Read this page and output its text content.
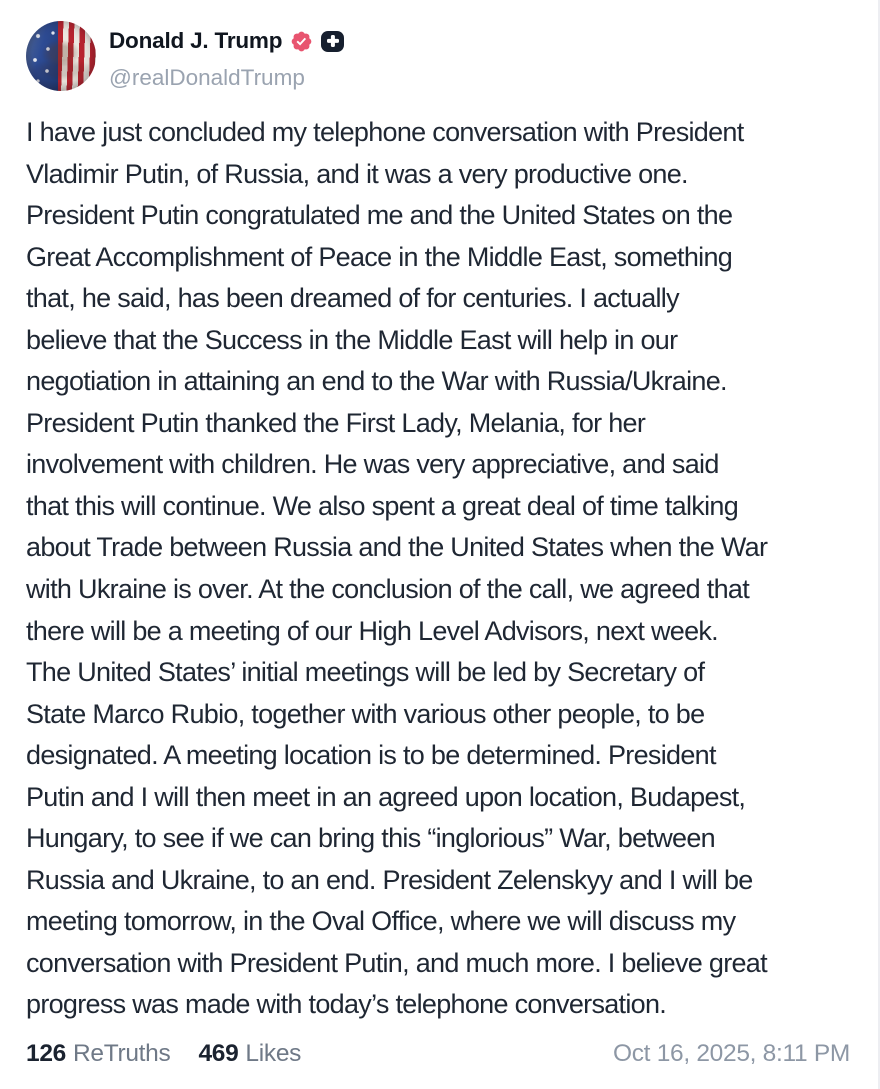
Donald J. Trump
@realDonaldTrump
I have just concluded my telephone conversation with President
Vladimir Putin, of Russia, and it was a very productive one.
President Putin congratulated me and the United States on the
Great Accomplishment of Peace in the Middle East, something
that, he said, has been dreamed of for centuries. I actually
believe that the Success in the Middle East will help in our
negotiation in attaining an end to the War with Russia/Ukraine.
President Putin thanked the First Lady, Melania, for her
involvement with children. He was very appreciative, and said
that this will continue. We also spent a great deal of time talking
about Trade between Russia and the United States when the War
with Ukraine is over. At the conclusion of the call, we agreed that
there will be a meeting of our High Level Advisors, next week.
The United States’ initial meetings will be led by Secretary of
State Marco Rubio, together with various other people, to be
designated. A meeting location is to be determined. President
Putin and I will then meet in an agreed upon location, Budapest,
Hungary, to see if we can bring this “inglorious” War, between
Russia and Ukraine, to an end. President Zelenskyy and I will be
meeting tomorrow, in the Oval Office, where we will discuss my
conversation with President Putin, and much more. I believe great
progress was made with today’s telephone conversation.
126 ReTruths 469 Likes	Oct 16, 2025, 8:11 PM
